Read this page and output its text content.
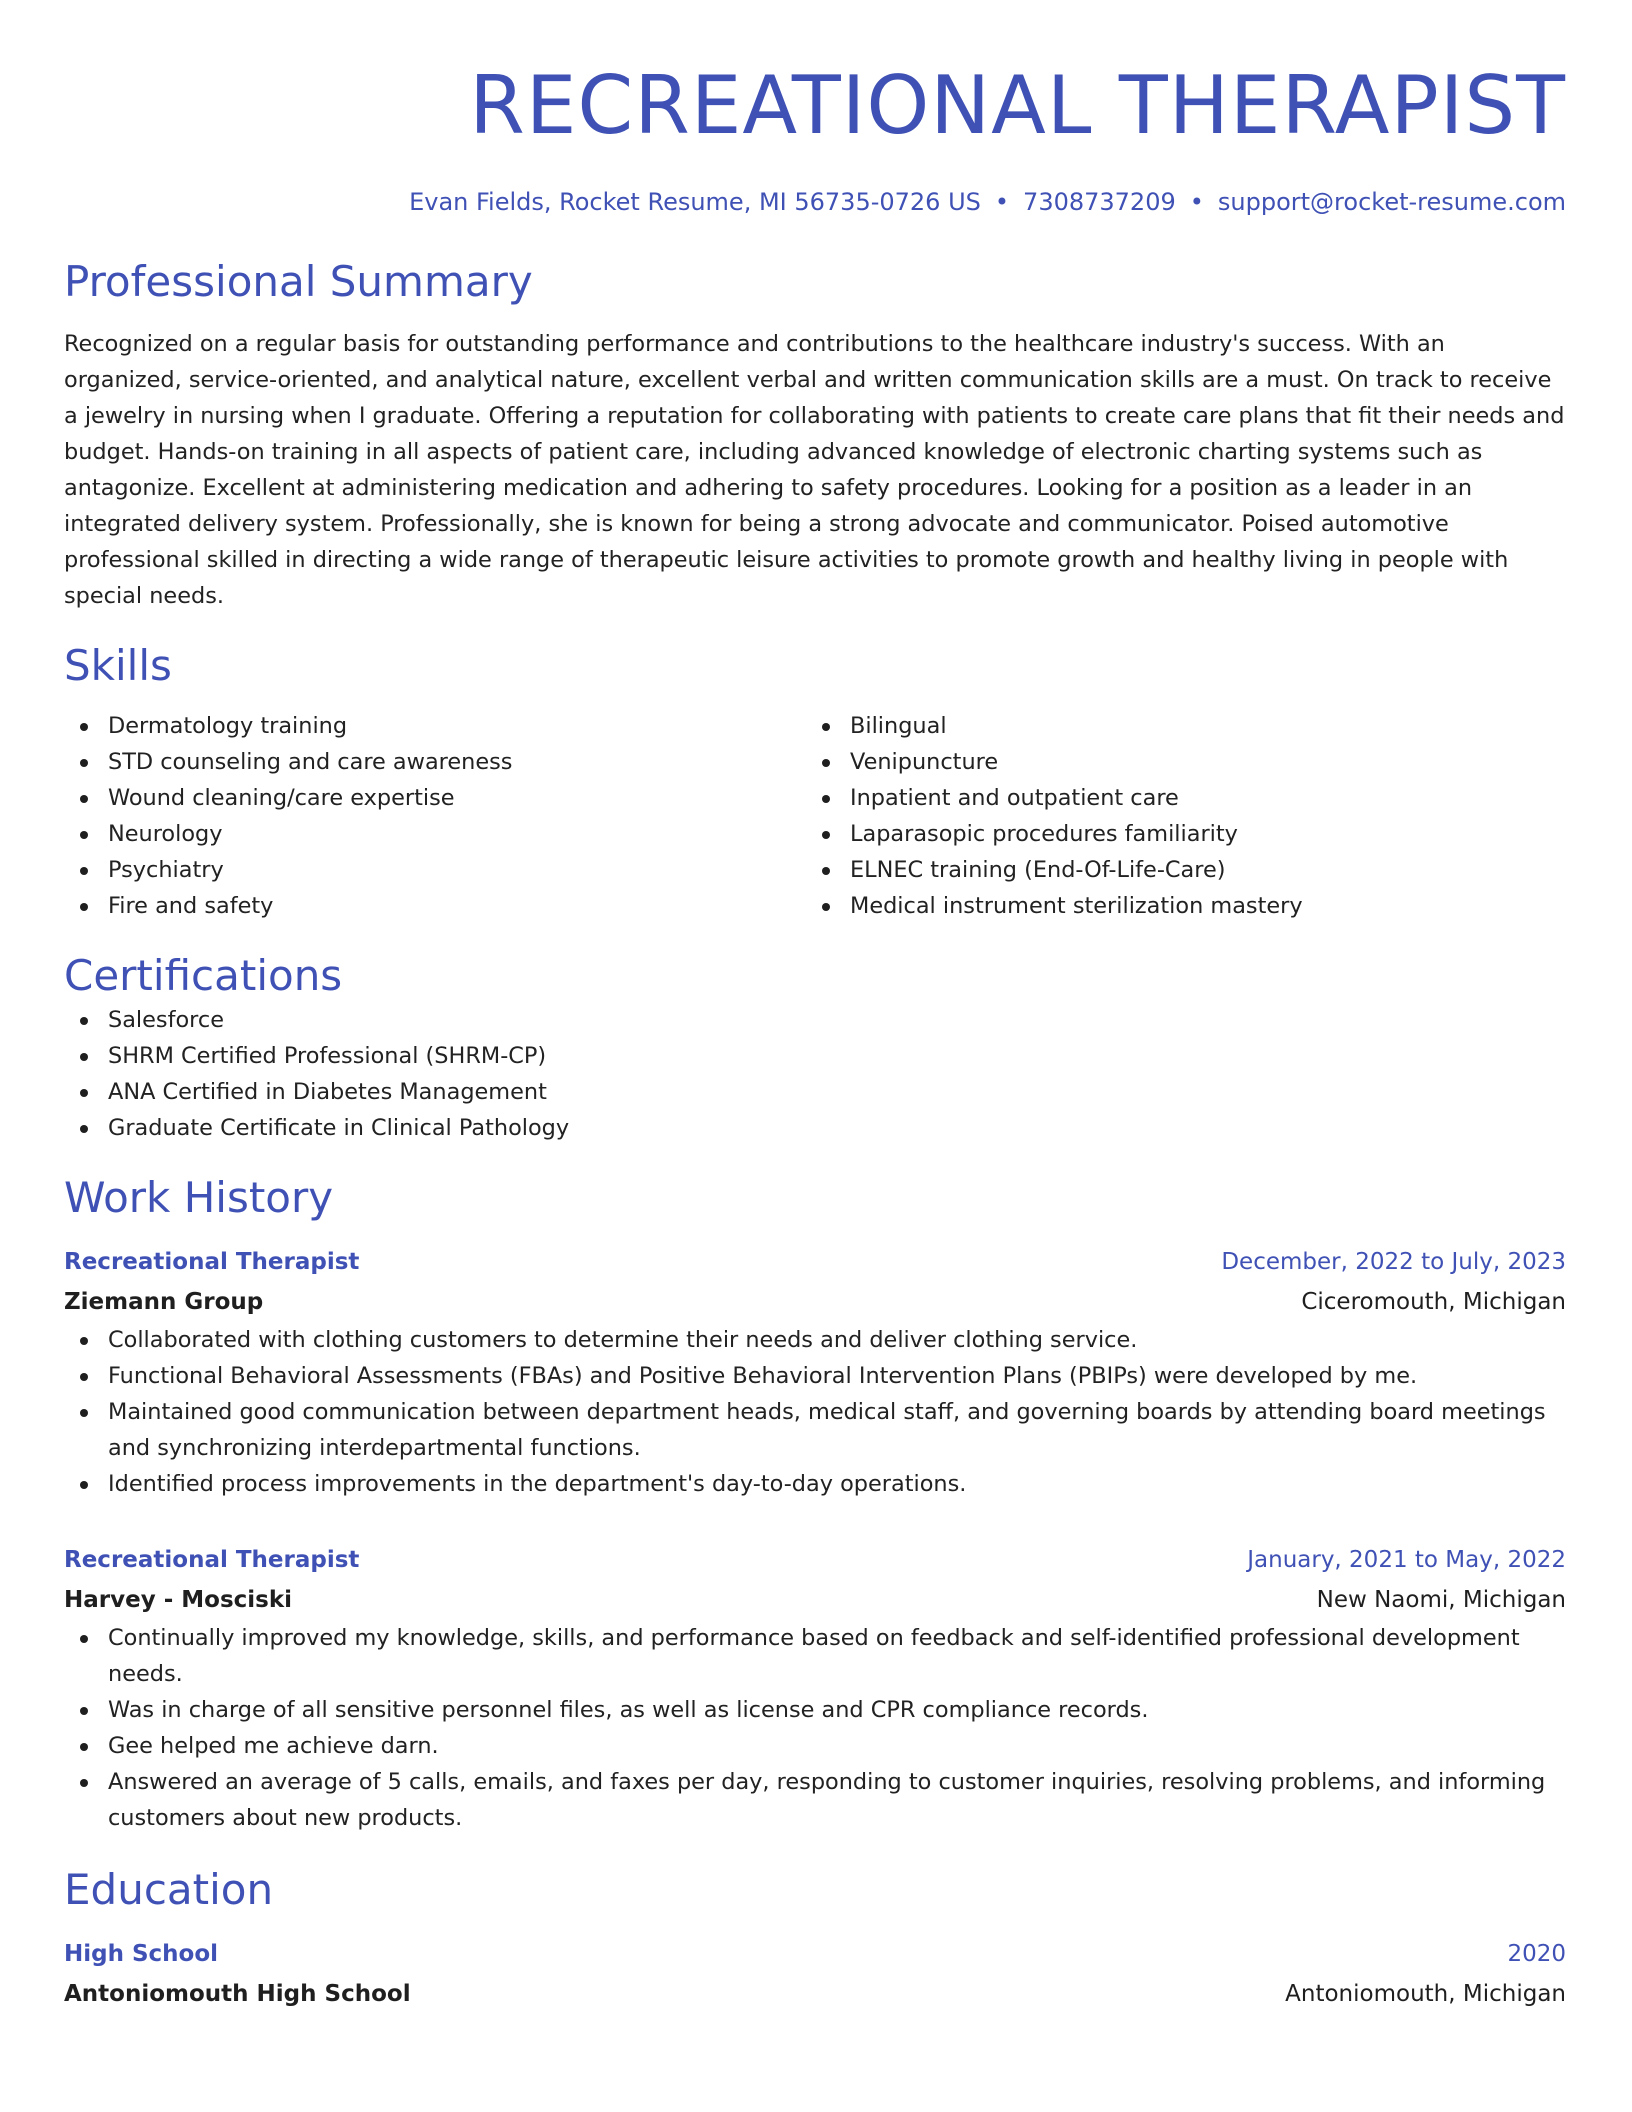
RECREATIONAL THERAPIST
Evan Fields, Rocket Resume, MI 56735-0726 US • 7308737209 • support@rocket-resume.com
Professional Summary
Recognized on a regular basis for outstanding performance and contributions to the healthcare industry's success. With an organized, service-oriented, and analytical nature, excellent verbal and written communication skills are a must. On track to receive a jewelry in nursing when I graduate. Offering a reputation for collaborating with patients to create care plans that fit their needs and budget. Hands-on training in all aspects of patient care, including advanced knowledge of electronic charting systems such as antagonize. Excellent at administering medication and adhering to safety procedures. Looking for a position as a leader in an integrated delivery system. Professionally, she is known for being a strong advocate and communicator. Poised automotive professional skilled in directing a wide range of therapeutic leisure activities to promote growth and healthy living in people with special needs.
Skills
Dermatology training
STD counseling and care awareness
Wound cleaning/care expertise
Neurology
Psychiatry
Fire and safety
Bilingual
Venipuncture
Inpatient and outpatient care
Laparasopic procedures familiarity
ELNEC training (End-Of-Life-Care)
Medical instrument sterilization mastery
Certifications
Salesforce
SHRM Certified Professional (SHRM-CP)
ANA Certified in Diabetes Management
Graduate Certificate in Clinical Pathology
Work History
Recreational Therapist	December, 2022 to July, 2023
Ziemann Group	Ciceromouth, Michigan
Collaborated with clothing customers to determine their needs and deliver clothing service.
Functional Behavioral Assessments (FBAs) and Positive Behavioral Intervention Plans (PBIPs) were developed by me.
Maintained good communication between department heads, medical staff, and governing boards by attending board meetings and synchronizing interdepartmental functions.
Identified process improvements in the department's day-to-day operations.
Recreational Therapist	January, 2021 to May, 2022
Harvey - Mosciski	New Naomi, Michigan
Continually improved my knowledge, skills, and performance based on feedback and self-identified professional development needs.
Was in charge of all sensitive personnel files, as well as license and CPR compliance records.
Gee helped me achieve darn.
Answered an average of 5 calls, emails, and faxes per day, responding to customer inquiries, resolving problems, and informing customers about new products.
Education
High School	2020
Antoniomouth High School	Antoniomouth, Michigan
